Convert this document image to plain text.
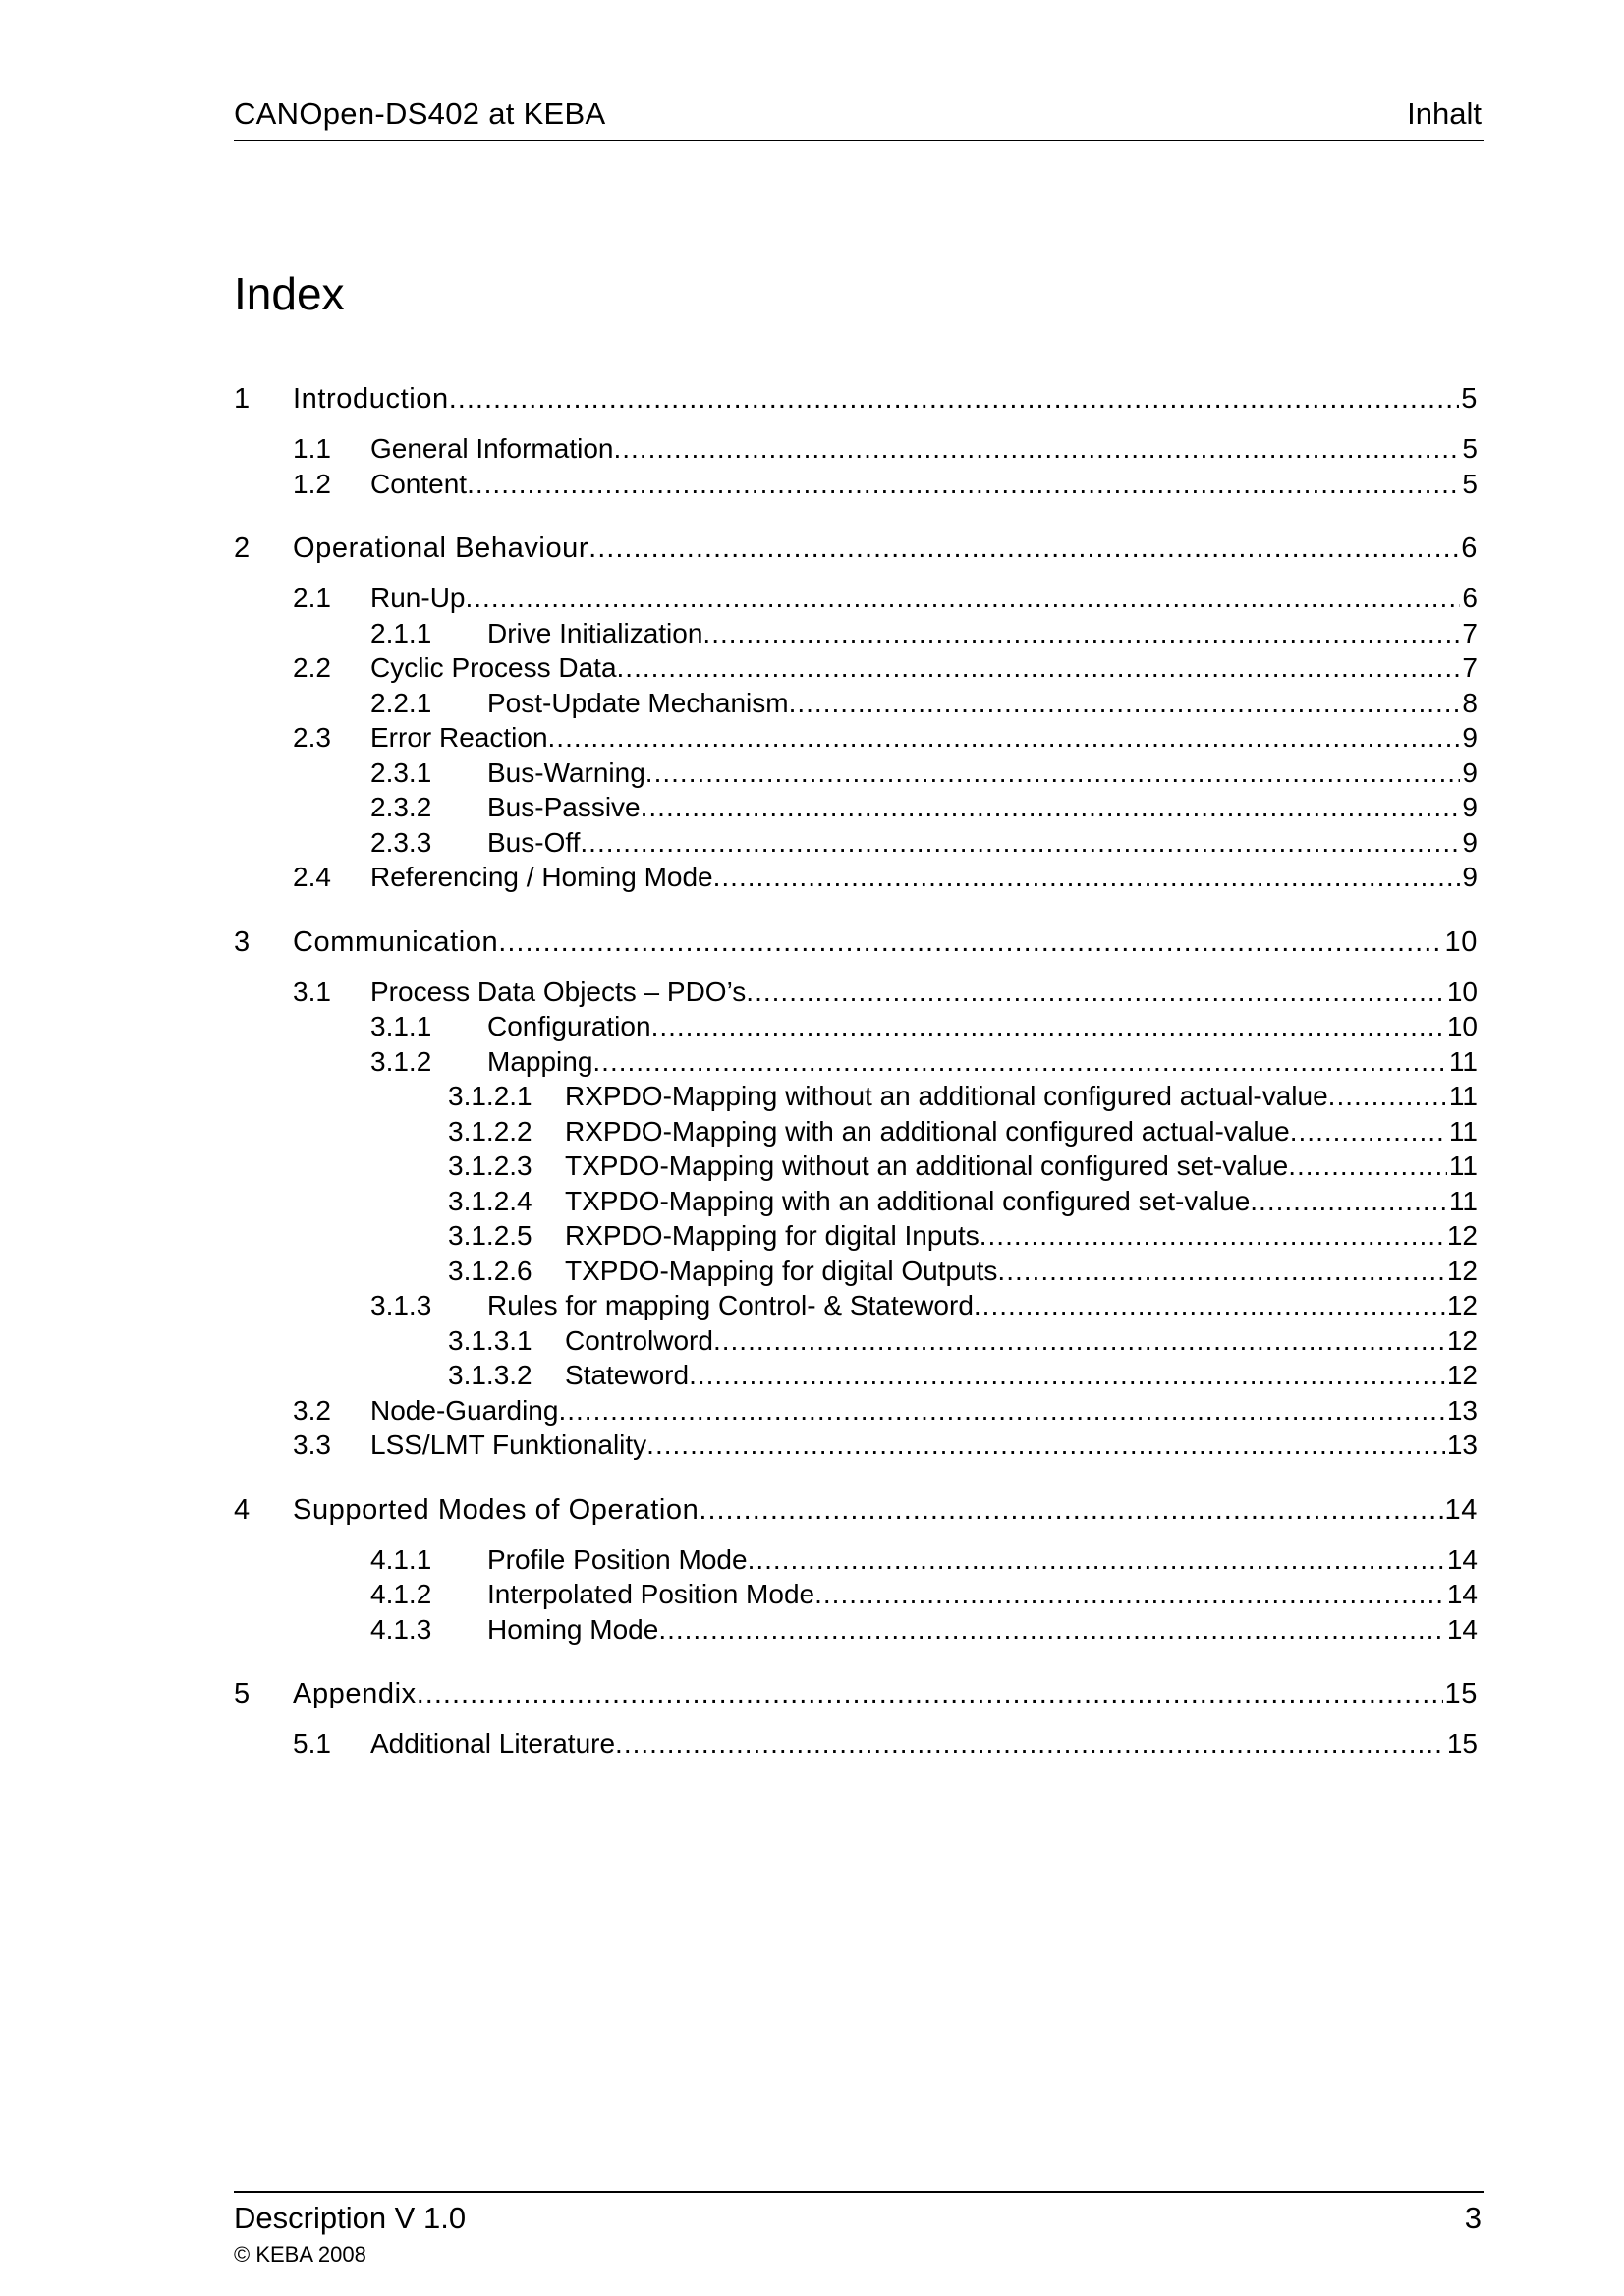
CANOpen-DS402 at KEBA	Inhalt
Index
1 Introduction .....	5
1.1 General Information .....	5
1.2 Content .....	5
2 Operational Behaviour .....	6
2.1 Run-Up .....	6
2.1.1 Drive Initialization .....	7
2.2 Cyclic Process Data .....	7
2.2.1 Post-Update Mechanism .....	8
2.3 Error Reaction .....	9
2.3.1 Bus-Warning .....	9
2.3.2 Bus-Passive .....	9
2.3.3 Bus-Off .....	9
2.4 Referencing / Homing Mode .....	9
3 Communication .....	10
3.1 Process Data Objects – PDO’s .....	10
3.1.1 Configuration .....	10
3.1.2 Mapping .....	11
3.1.2.1 RXPDO-Mapping without an additional configured actual-value .....	11
3.1.2.2 RXPDO-Mapping with an additional configured actual-value .....	11
3.1.2.3 TXPDO-Mapping without an additional configured set-value .....	11
3.1.2.4 TXPDO-Mapping with an additional configured set-value .....	11
3.1.2.5 RXPDO-Mapping for digital Inputs .....	12
3.1.2.6 TXPDO-Mapping for digital Outputs .....	12
3.1.3 Rules for mapping Control- & Stateword .....	12
3.1.3.1 Controlword .....	12
3.1.3.2 Stateword .....	12
3.2 Node-Guarding .....	13
3.3 LSS/LMT Funktionality .....	13
4 Supported Modes of Operation .....	14
4.1.1 Profile Position Mode .....	14
4.1.2 Interpolated Position Mode .....	14
4.1.3 Homing Mode .....	14
5 Appendix .....	15
5.1 Additional Literature .....	15
Description V 1.0	3
© KEBA 2008
